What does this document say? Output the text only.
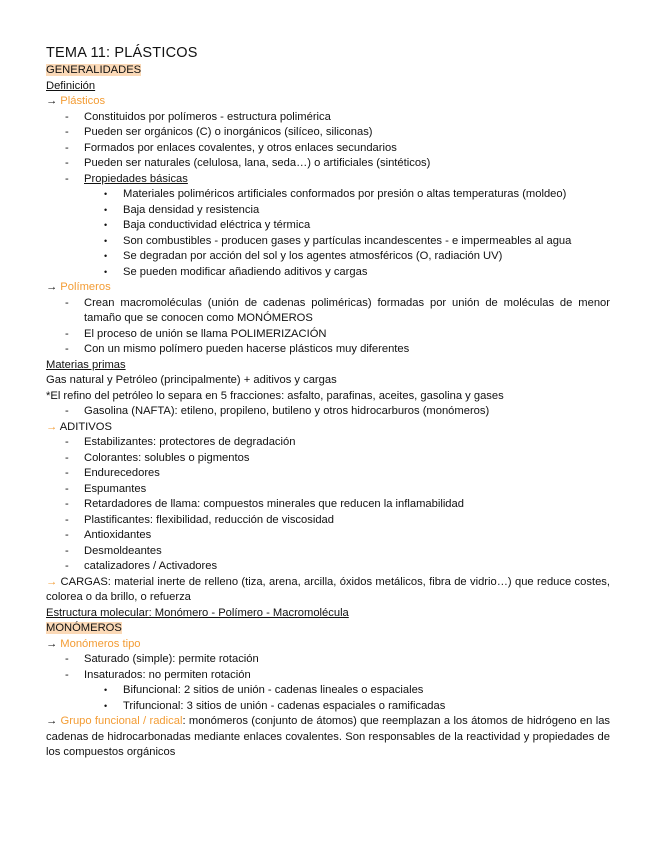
TEMA 11: PLÁSTICOS
GENERALIDADES
Definición
→ Plásticos
- Constituidos por polímeros - estructura polimérica
- Pueden ser orgánicos (C) o inorgánicos (silíceo, siliconas)
- Formados por enlaces covalentes, y otros enlaces secundarios
- Pueden ser naturales (celulosa, lana, seda…) o artificiales (sintéticos)
- Propiedades básicas
• Materiales poliméricos artificiales conformados por presión o altas temperaturas (moldeo)
• Baja densidad y resistencia
• Baja conductividad eléctrica y térmica
• Son combustibles - producen gases y partículas incandescentes - e impermeables al agua
• Se degradan por acción del sol y los agentes atmosféricos (O, radiación UV)
• Se pueden modificar añadiendo aditivos y cargas
→ Polímeros
- Crean macromoléculas (unión de cadenas poliméricas) formadas por unión de moléculas de menor tamaño que se conocen como MONÓMEROS
- El proceso de unión se llama POLIMERIZACIÓN
- Con un mismo polímero pueden hacerse plásticos muy diferentes
Materias primas
Gas natural y Petróleo (principalmente) + aditivos y cargas
*El refino del petróleo lo separa en 5 fracciones: asfalto, parafinas, aceites, gasolina y gases
- Gasolina (NAFTA): etileno, propileno, butileno y otros hidrocarburos (monómeros)
→ ADITIVOS
- Estabilizantes: protectores de degradación
- Colorantes: solubles o pigmentos
- Endurecedores
- Espumantes
- Retardadores de llama: compuestos minerales que reducen la inflamabilidad
- Plastificantes: flexibilidad, reducción de viscosidad
- Antioxidantes
- Desmoldeantes
- catalizadores / Activadores
→ CARGAS: material inerte de relleno (tiza, arena, arcilla, óxidos metálicos, fibra de vidrio…) que reduce costes, colorea o da brillo, o refuerza
Estructura molecular: Monómero - Polímero - Macromolécula
MONÓMEROS
→ Monómeros tipo
- Saturado (simple): permite rotación
- Insaturados: no permiten rotación
• Bifuncional: 2 sitios de unión - cadenas lineales o espaciales
• Trifuncional: 3 sitios de unión - cadenas espaciales o ramificadas
→ Grupo funcional / radical: monómeros (conjunto de átomos) que reemplazan a los átomos de hidrógeno en las cadenas de hidrocarbonadas mediante enlaces covalentes. Son responsables de la reactividad y propiedades de los compuestos orgánicos
